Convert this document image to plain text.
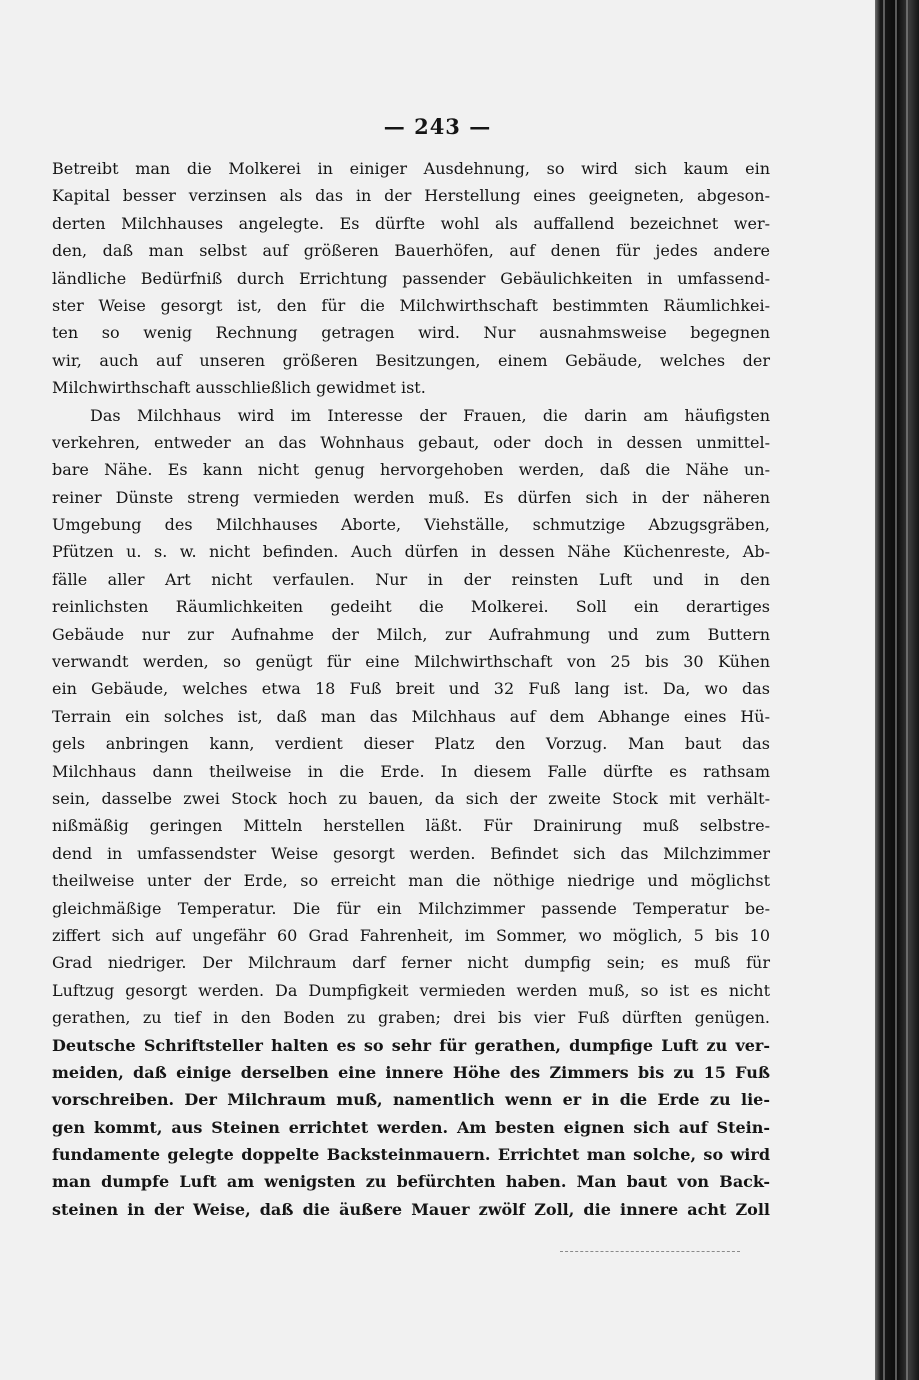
— 243 —
Betreibt man die Molkerei in einiger Ausdehnung, so wird sich kaum ein
Kapital besser verzinsen als das in der Herstellung eines geeigneten, abgeson-
derten Milchhauses angelegte. Es dürfte wohl als auffallend bezeichnet wer-
den, daß man selbst auf größeren Bauerhöfen, auf denen für jedes andere
ländliche Bedürfniß durch Errichtung passender Gebäulichkeiten in umfassend-
ster Weise gesorgt ist, den für die Milchwirthschaft bestimmten Räumlichkei-
ten so wenig Rechnung getragen wird. Nur ausnahmsweise begegnen
wir, auch auf unseren größeren Besitzungen, einem Gebäude, welches der
Milchwirthschaft ausschließlich gewidmet ist.
Das Milchhaus wird im Interesse der Frauen, die darin am häufigsten
verkehren, entweder an das Wohnhaus gebaut, oder doch in dessen unmittel-
bare Nähe. Es kann nicht genug hervorgehoben werden, daß die Nähe un-
reiner Dünste streng vermieden werden muß. Es dürfen sich in der näheren
Umgebung des Milchhauses Aborte, Viehställe, schmutzige Abzugsgräben,
Pfützen u. s. w. nicht befinden. Auch dürfen in dessen Nähe Küchenreste, Ab-
fälle aller Art nicht verfaulen. Nur in der reinsten Luft und in den
reinlichsten Räumlichkeiten gedeiht die Molkerei. Soll ein derartiges
Gebäude nur zur Aufnahme der Milch, zur Aufrahmung und zum Buttern
verwandt werden, so genügt für eine Milchwirthschaft von 25 bis 30 Kühen
ein Gebäude, welches etwa 18 Fuß breit und 32 Fuß lang ist. Da, wo das
Terrain ein solches ist, daß man das Milchhaus auf dem Abhange eines Hü-
gels anbringen kann, verdient dieser Platz den Vorzug. Man baut das
Milchhaus dann theilweise in die Erde. In diesem Falle dürfte es rathsam
sein, dasselbe zwei Stock hoch zu bauen, da sich der zweite Stock mit verhält-
nißmäßig geringen Mitteln herstellen läßt. Für Drainirung muß selbstre-
dend in umfassendster Weise gesorgt werden. Befindet sich das Milchzimmer
theilweise unter der Erde, so erreicht man die nöthige niedrige und möglichst
gleichmäßige Temperatur. Die für ein Milchzimmer passende Temperatur be-
ziffert sich auf ungefähr 60 Grad Fahrenheit, im Sommer, wo möglich, 5 bis 10
Grad niedriger. Der Milchraum darf ferner nicht dumpfig sein; es muß für
Luftzug gesorgt werden. Da Dumpfigkeit vermieden werden muß, so ist es nicht
gerathen, zu tief in den Boden zu graben; drei bis vier Fuß dürften genügen.
Deutsche Schriftsteller halten es so sehr für gerathen, dumpfige Luft zu ver-
meiden, daß einige derselben eine innere Höhe des Zimmers bis zu 15 Fuß
vorschreiben. Der Milchraum muß, namentlich wenn er in die Erde zu lie-
gen kommt, aus Steinen errichtet werden. Am besten eignen sich auf Stein-
fundamente gelegte doppelte Backsteinmauern. Errichtet man solche, so wird
man dumpfe Luft am wenigsten zu befürchten haben. Man baut von Back-
steinen in der Weise, daß die äußere Mauer zwölf Zoll, die innere acht Zoll
